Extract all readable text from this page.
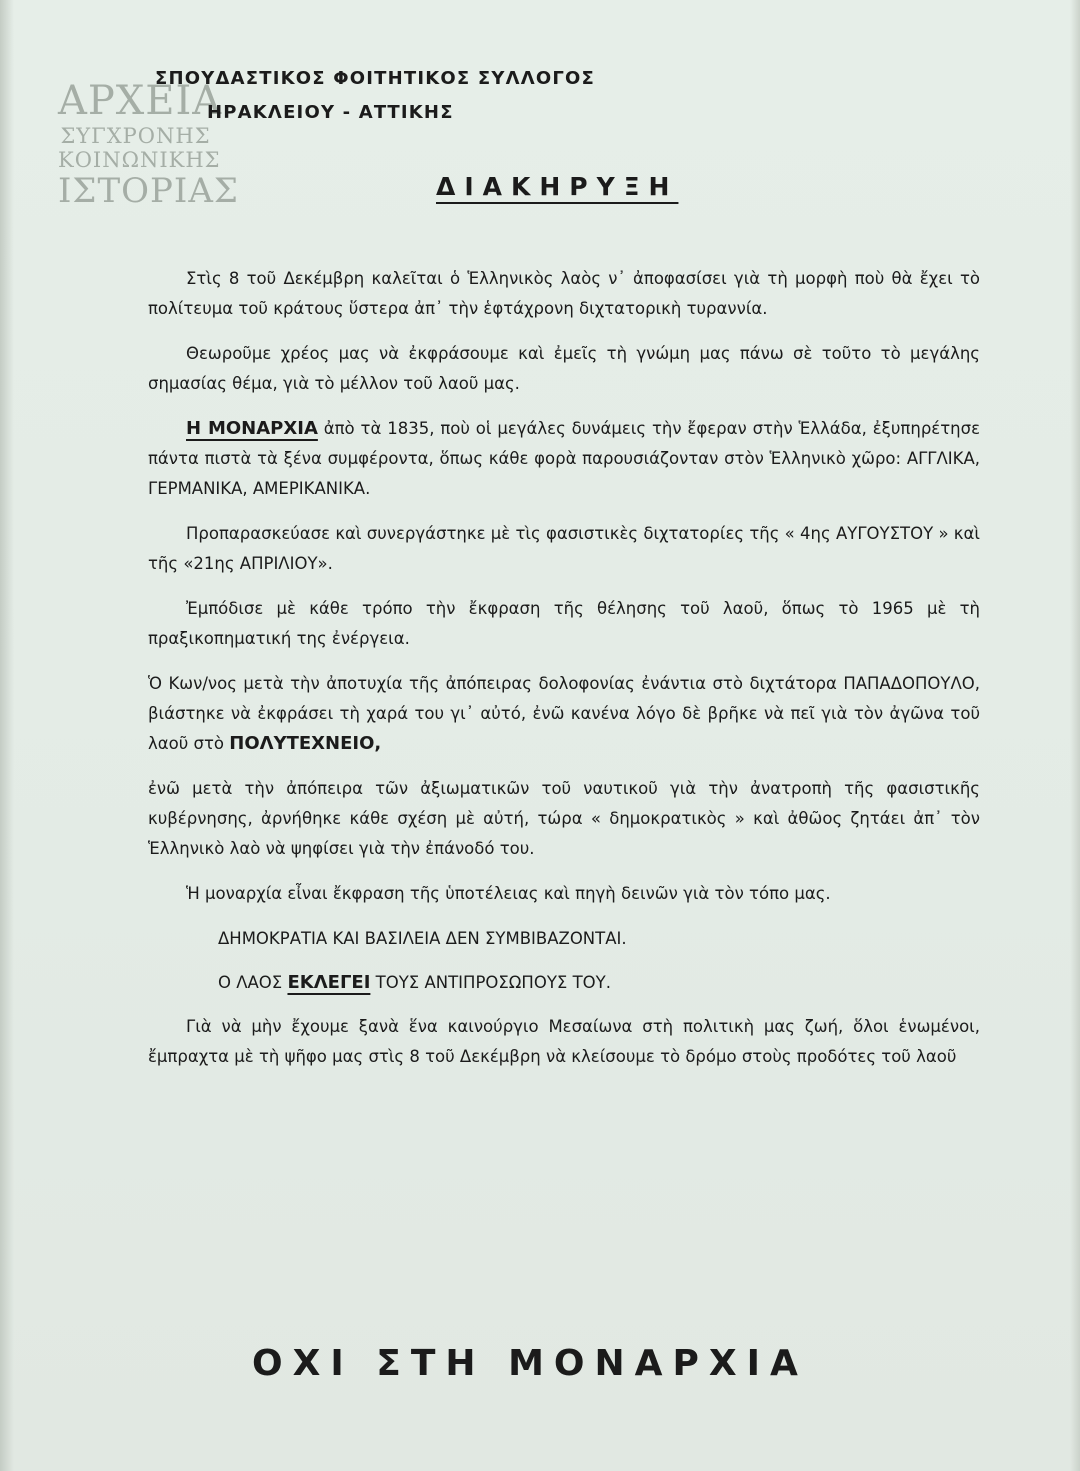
ΑΡΧΕΙΑ
ΣΥΓΧΡΟΝΗΣ
ΚΟΙΝΩΝΙΚΗΣ
ΙΣΤΟΡΙΑΣ
ΣΠΟΥΔΑΣΤΙΚΟΣ ΦΟΙΤΗΤΙΚΟΣ ΣΥΛΛΟΓΟΣ
ΗΡΑΚΛΕΙΟΥ - ΑΤΤΙΚΗΣ
ΔΙΑΚΗΡΥΞΗ

Στὶς 8 τοῦ Δεκέμβρη καλεῖται ὁ Ἑλληνικὸς λαὸς ν᾽ ἀποφασίσει γιὰ τὴ μορφὴ ποὺ θὰ ἔχει τὸ πολίτευμα τοῦ κράτους ὕστερα ἀπ᾽ τὴν ἑφτάχρονη διχτατορικὴ τυραννία.

Θεωροῦμε χρέος μας νὰ ἐκφράσουμε καὶ ἐμεῖς τὴ γνώμη μας πάνω σὲ τοῦτο τὸ μεγάλης σημασίας θέμα, γιὰ τὸ μέλλον τοῦ λαοῦ μας.

Η ΜΟΝΑΡΧΙΑ ἀπὸ τὰ 1835, ποὺ οἱ μεγάλες δυνάμεις τὴν ἔφεραν στὴν Ἑλλάδα, ἐξυπηρέτησε πάντα πιστὰ τὰ ξένα συμφέροντα, ὅπως κάθε φορὰ παρουσιάζονταν στὸν Ἑλληνικὸ χῶρο: ΑΓΓΛΙΚΑ, ΓΕΡΜΑΝΙΚΑ, ΑΜΕΡΙΚΑΝΙΚΑ.

Προπαρασκεύασε καὶ συνεργάστηκε μὲ τὶς φασιστικὲς διχτατορίες τῆς « 4ης ΑΥΓΟΥΣΤΟΥ » καὶ τῆς «21ης ΑΠΡΙΛΙΟΥ».

Ἐμπόδισε μὲ κάθε τρόπο τὴν ἔκφραση τῆς θέλησης τοῦ λαοῦ, ὅπως τὸ 1965 μὲ τὴ πραξικοπηματική της ἐνέργεια.

Ὁ Κων/νος μετὰ τὴν ἀποτυχία τῆς ἀπόπειρας δολοφονίας ἐνάντια στὸ διχτάτορα ΠΑΠΑΔΟΠΟΥΛΟ, βιάστηκε νὰ ἐκφράσει τὴ χαρά του γι᾽ αὐτό, ἐνῶ κανένα λόγο δὲ βρῆκε νὰ πεῖ γιὰ τὸν ἀγῶνα τοῦ λαοῦ στὸ ΠΟΛΥΤΕΧΝΕΙΟ,

ἐνῶ μετὰ τὴν ἀπόπειρα τῶν ἀξιωματικῶν τοῦ ναυτικοῦ γιὰ τὴν ἀνατροπὴ τῆς φασιστικῆς κυβέρνησης, ἀρνήθηκε κάθε σχέση μὲ αὐτή, τώρα « δημοκρατικὸς » καὶ ἀθῶος ζητάει ἀπ᾽ τὸν Ἑλληνικὸ λαὸ νὰ ψηφίσει γιὰ τὴν ἐπάνοδό του.

Ἡ μοναρχία εἶναι ἔκφραση τῆς ὑποτέλειας καὶ πηγὴ δεινῶν γιὰ τὸν τόπο μας.

ΔΗΜΟΚΡΑΤΙΑ ΚΑΙ ΒΑΣΙΛΕΙΑ ΔΕΝ ΣΥΜΒΙΒΑΖΟΝΤΑΙ.

Ο ΛΑΟΣ ΕΚΛΕΓΕΙ ΤΟΥΣ ΑΝΤΙΠΡΟΣΩΠΟΥΣ ΤΟΥ.

Γιὰ νὰ μὴν ἔχουμε ξανὰ ἕνα καινούργιο Μεσαίωνα στὴ πολιτικὴ μας ζωή, ὅλοι ἑνωμένοι, ἔμπραχτα μὲ τὴ ψῆφο μας στὶς 8 τοῦ Δεκέμβρη νὰ κλείσουμε τὸ δρόμο στοὺς προδότες τοῦ λαοῦ

ΟΧΙ ΣΤΗ ΜΟΝΑΡΧΙΑ
